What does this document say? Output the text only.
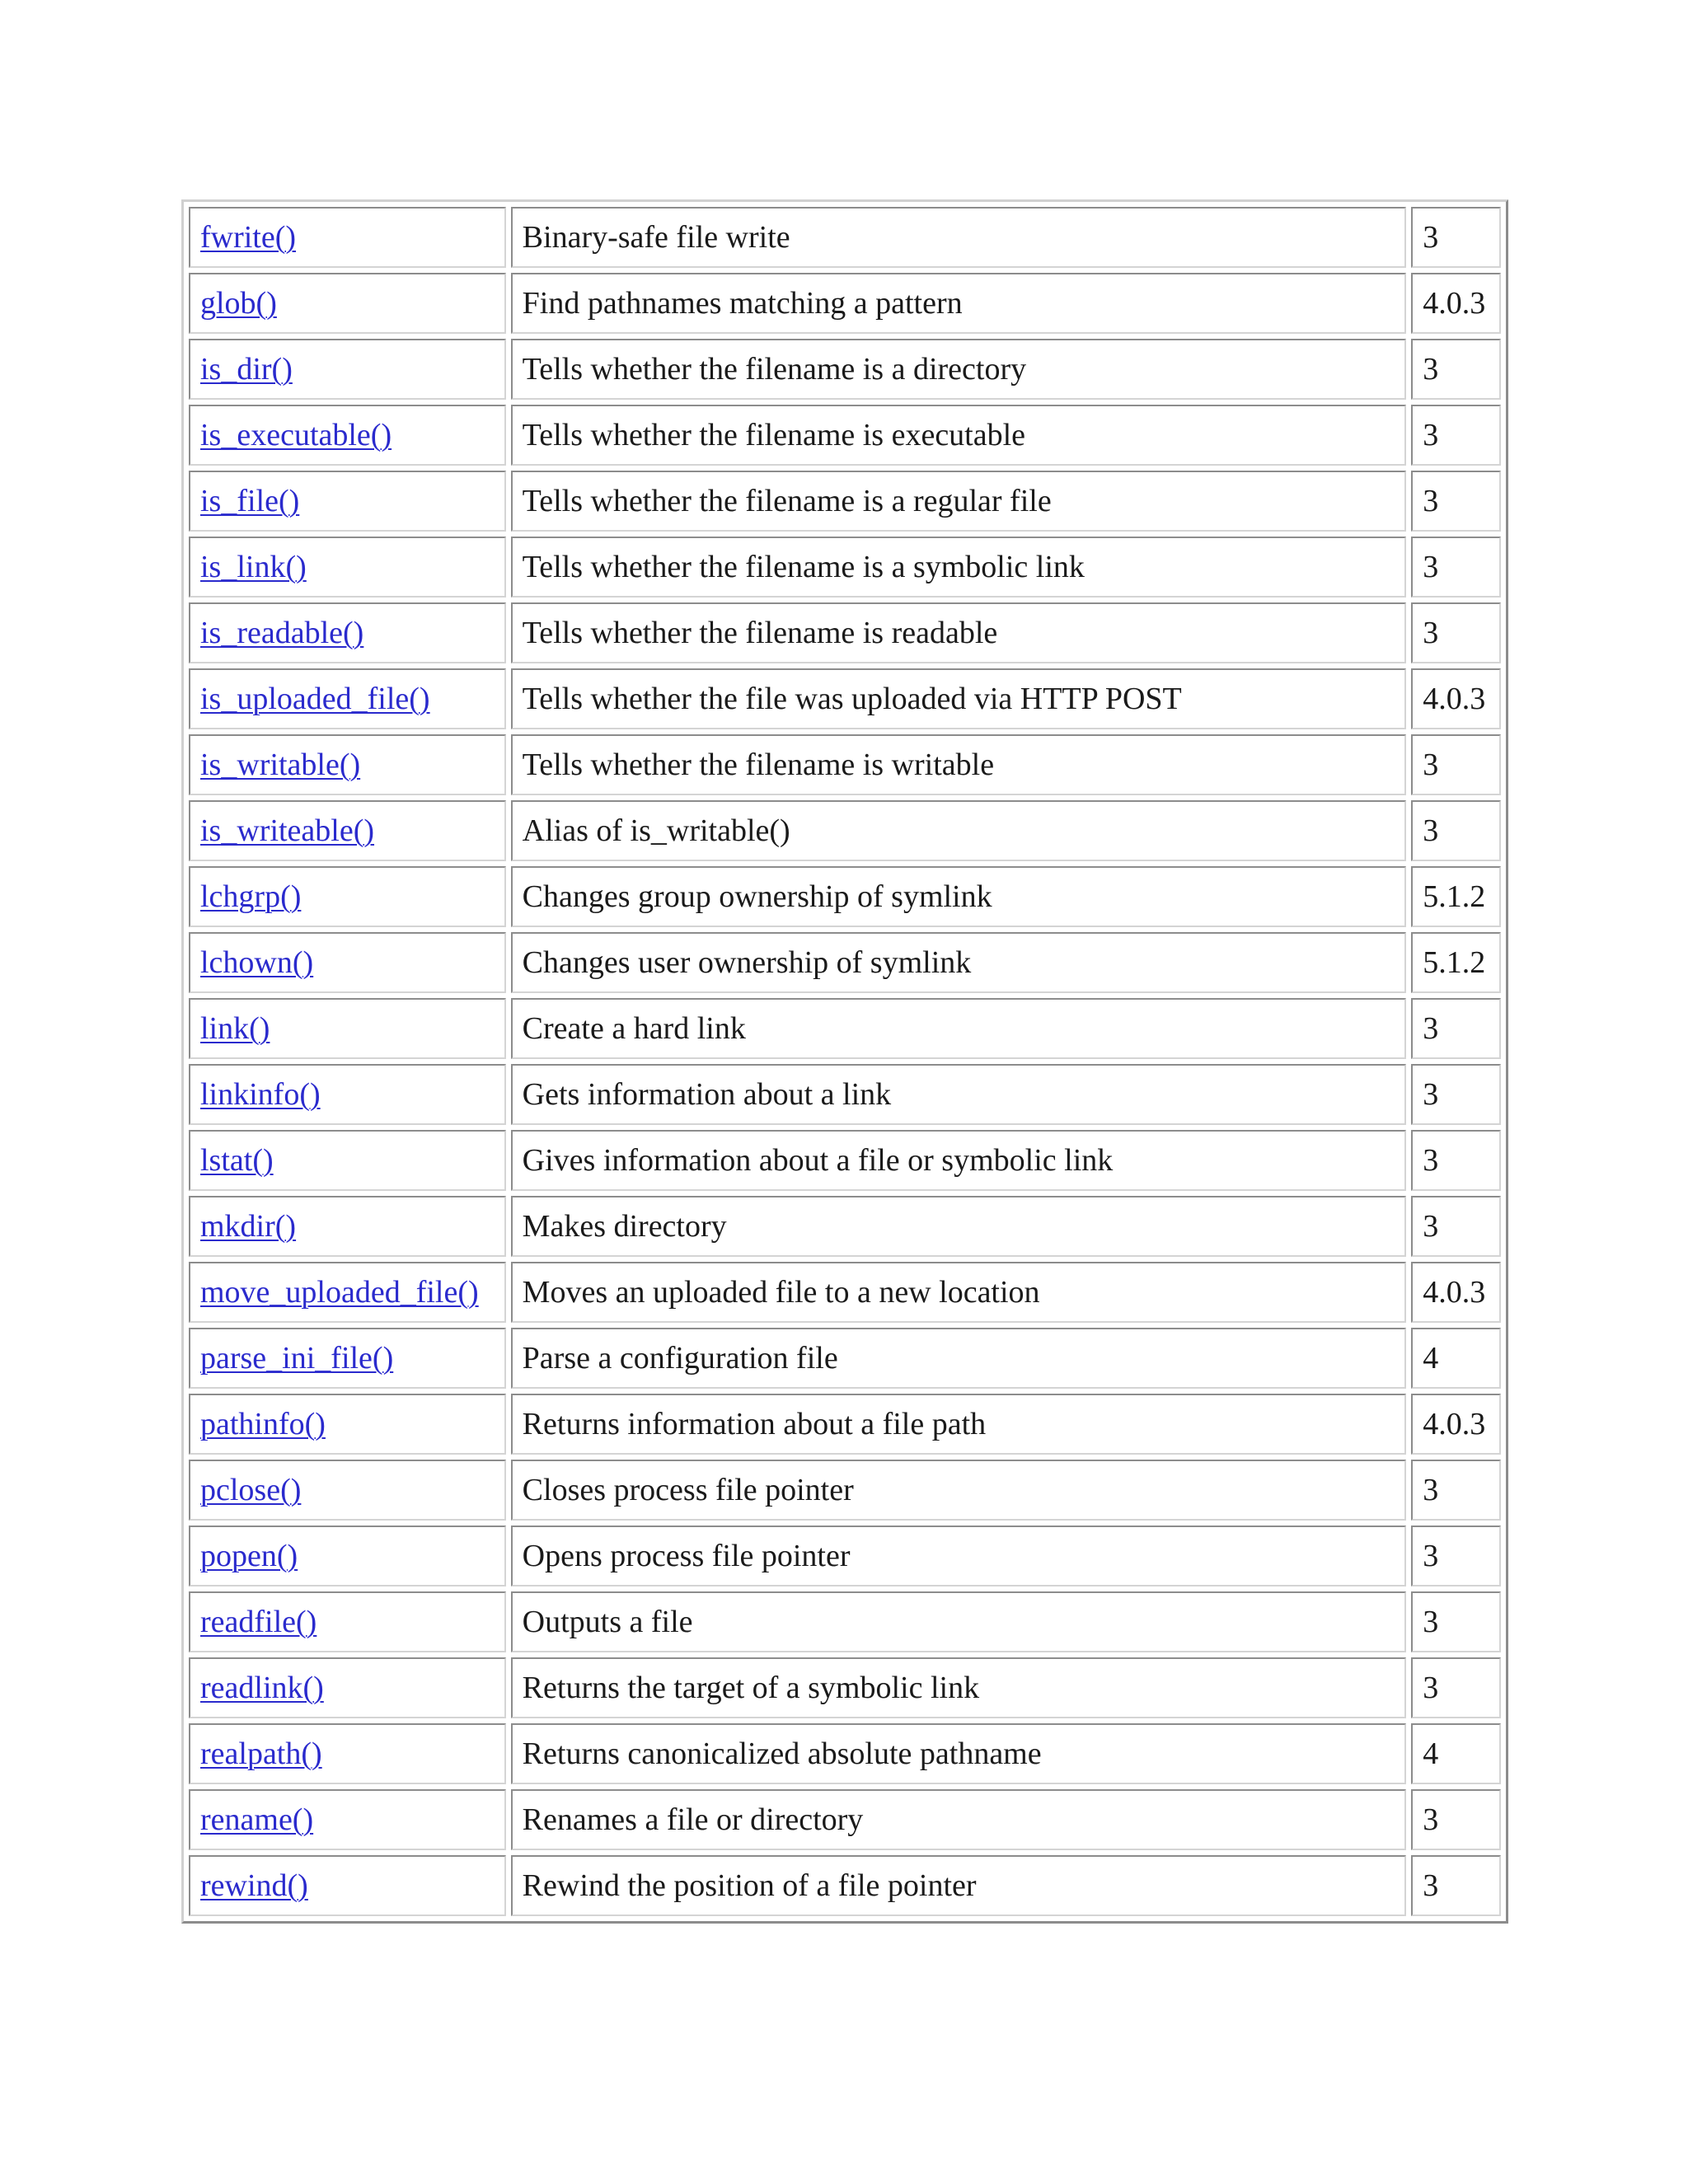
fwrite()	Binary-safe file write	3
glob()	Find pathnames matching a pattern	4.0.3
is_dir()	Tells whether the filename is a directory	3
is_executable()	Tells whether the filename is executable	3
is_file()	Tells whether the filename is a regular file	3
is_link()	Tells whether the filename is a symbolic link	3
is_readable()	Tells whether the filename is readable	3
is_uploaded_file()	Tells whether the file was uploaded via HTTP POST	4.0.3
is_writable()	Tells whether the filename is writable	3
is_writeable()	Alias of is_writable()	3
lchgrp()	Changes group ownership of symlink	5.1.2
lchown()	Changes user ownership of symlink	5.1.2
link()	Create a hard link	3
linkinfo()	Gets information about a link	3
lstat()	Gives information about a file or symbolic link	3
mkdir()	Makes directory	3
move_uploaded_file()	Moves an uploaded file to a new location	4.0.3
parse_ini_file()	Parse a configuration file	4
pathinfo()	Returns information about a file path	4.0.3
pclose()	Closes process file pointer	3
popen()	Opens process file pointer	3
readfile()	Outputs a file	3
readlink()	Returns the target of a symbolic link	3
realpath()	Returns canonicalized absolute pathname	4
rename()	Renames a file or directory	3
rewind()	Rewind the position of a file pointer	3
